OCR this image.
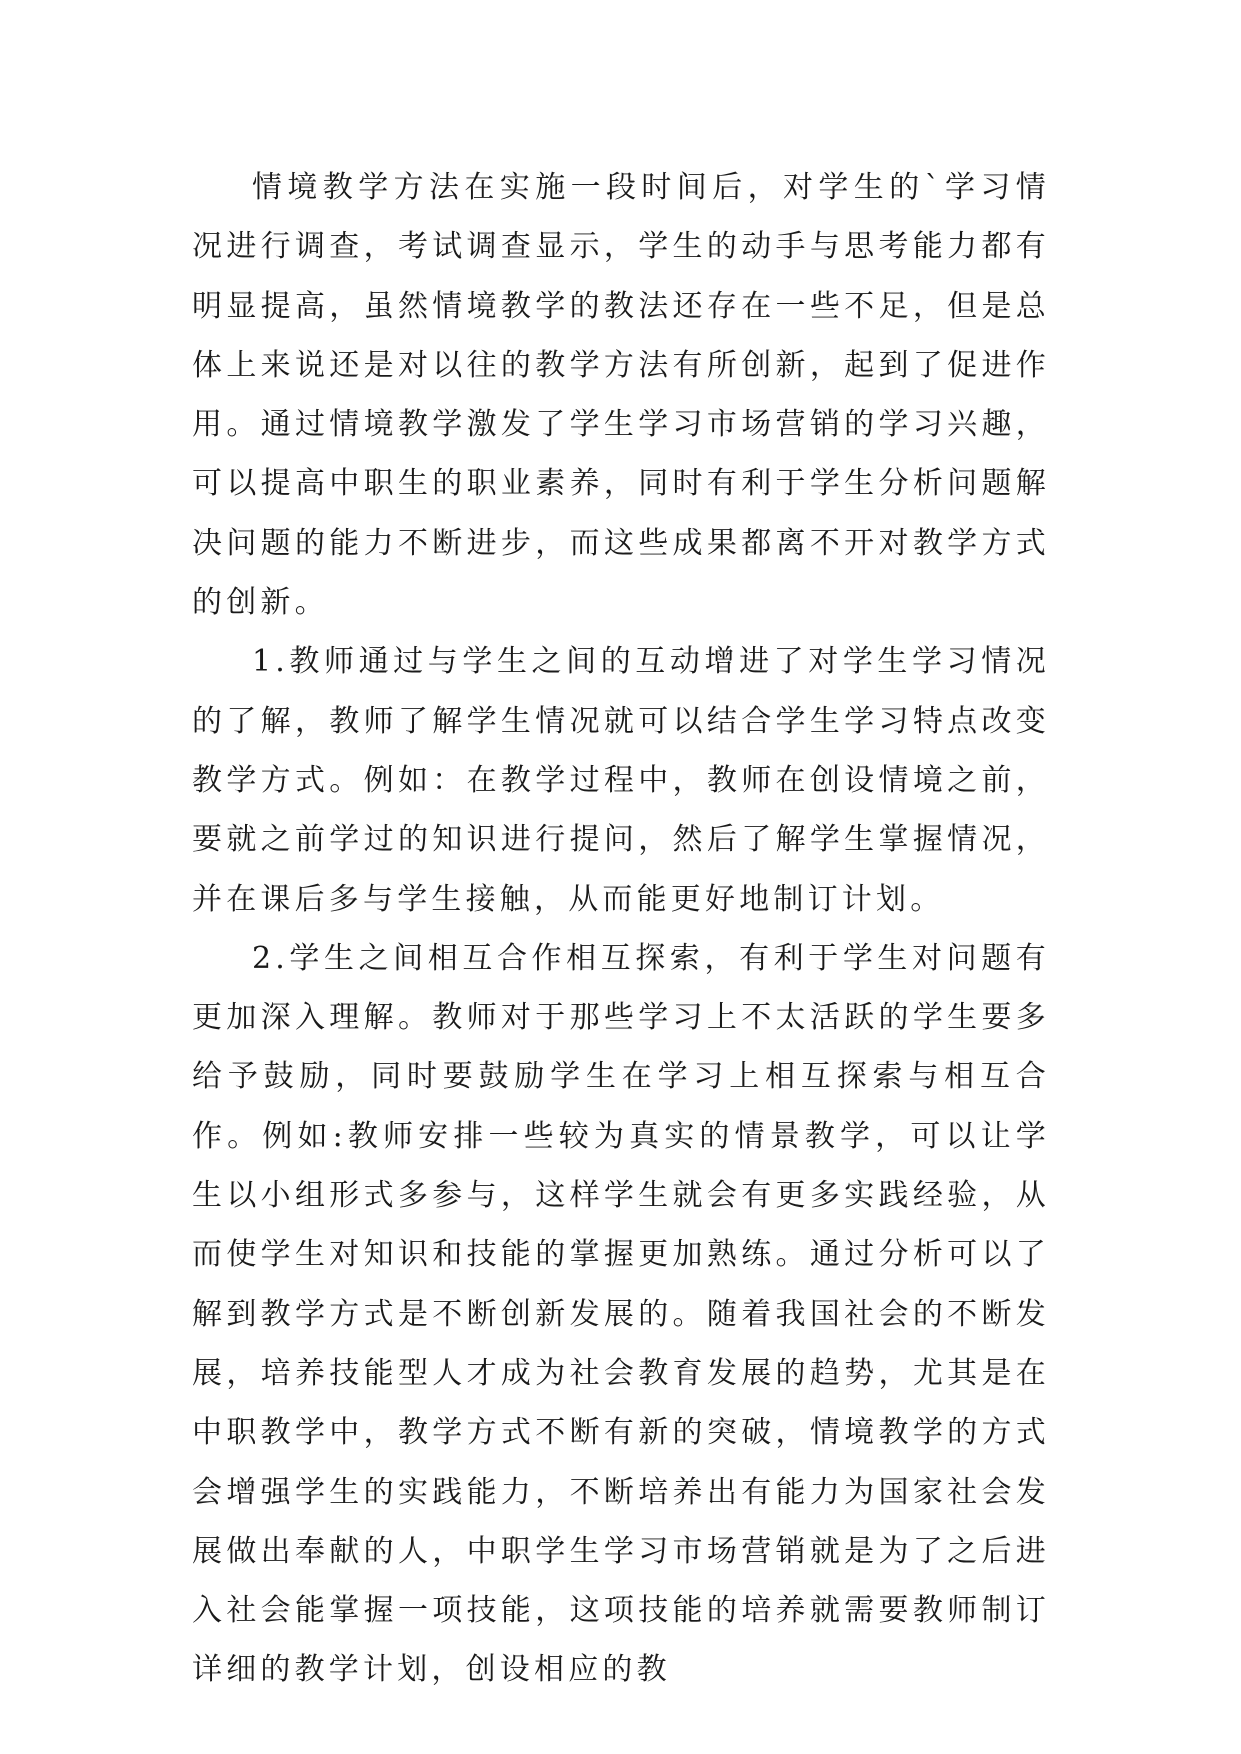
情境教学方法在实施一段时间后，对学生的`学习情况进行调查，考试调查显示，学生的动手与思考能力都有明显提高，虽然情境教学的教法还存在一些不足，但是总体上来说还是对以往的教学方法有所创新，起到了促进作用。通过情境教学激发了学生学习市场营销的学习兴趣，可以提高中职生的职业素养，同时有利于学生分析问题解决问题的能力不断进步，而这些成果都离不开对教学方式的创新。

1.教师通过与学生之间的互动增进了对学生学习情况的了解，教师了解学生情况就可以结合学生学习特点改变教学方式。例如：在教学过程中，教师在创设情境之前，要就之前学过的知识进行提问，然后了解学生掌握情况，并在课后多与学生接触，从而能更好地制订计划。

2.学生之间相互合作相互探索，有利于学生对问题有更加深入理解。教师对于那些学习上不太活跃的学生要多给予鼓励，同时要鼓励学生在学习上相互探索与相互合作。例如:教师安排一些较为真实的情景教学，可以让学生以小组形式多参与，这样学生就会有更多实践经验，从而使学生对知识和技能的掌握更加熟练。通过分析可以了解到教学方式是不断创新发展的。随着我国社会的不断发展，培养技能型人才成为社会教育发展的趋势，尤其是在中职教学中，教学方式不断有新的突破，情境教学的方式会增强学生的实践能力，不断培养出有能力为国家社会发展做出奉献的人，中职学生学习市场营销就是为了之后进入社会能掌握一项技能，这项技能的培养就需要教师制订详细的教学计划，创设相应的教
